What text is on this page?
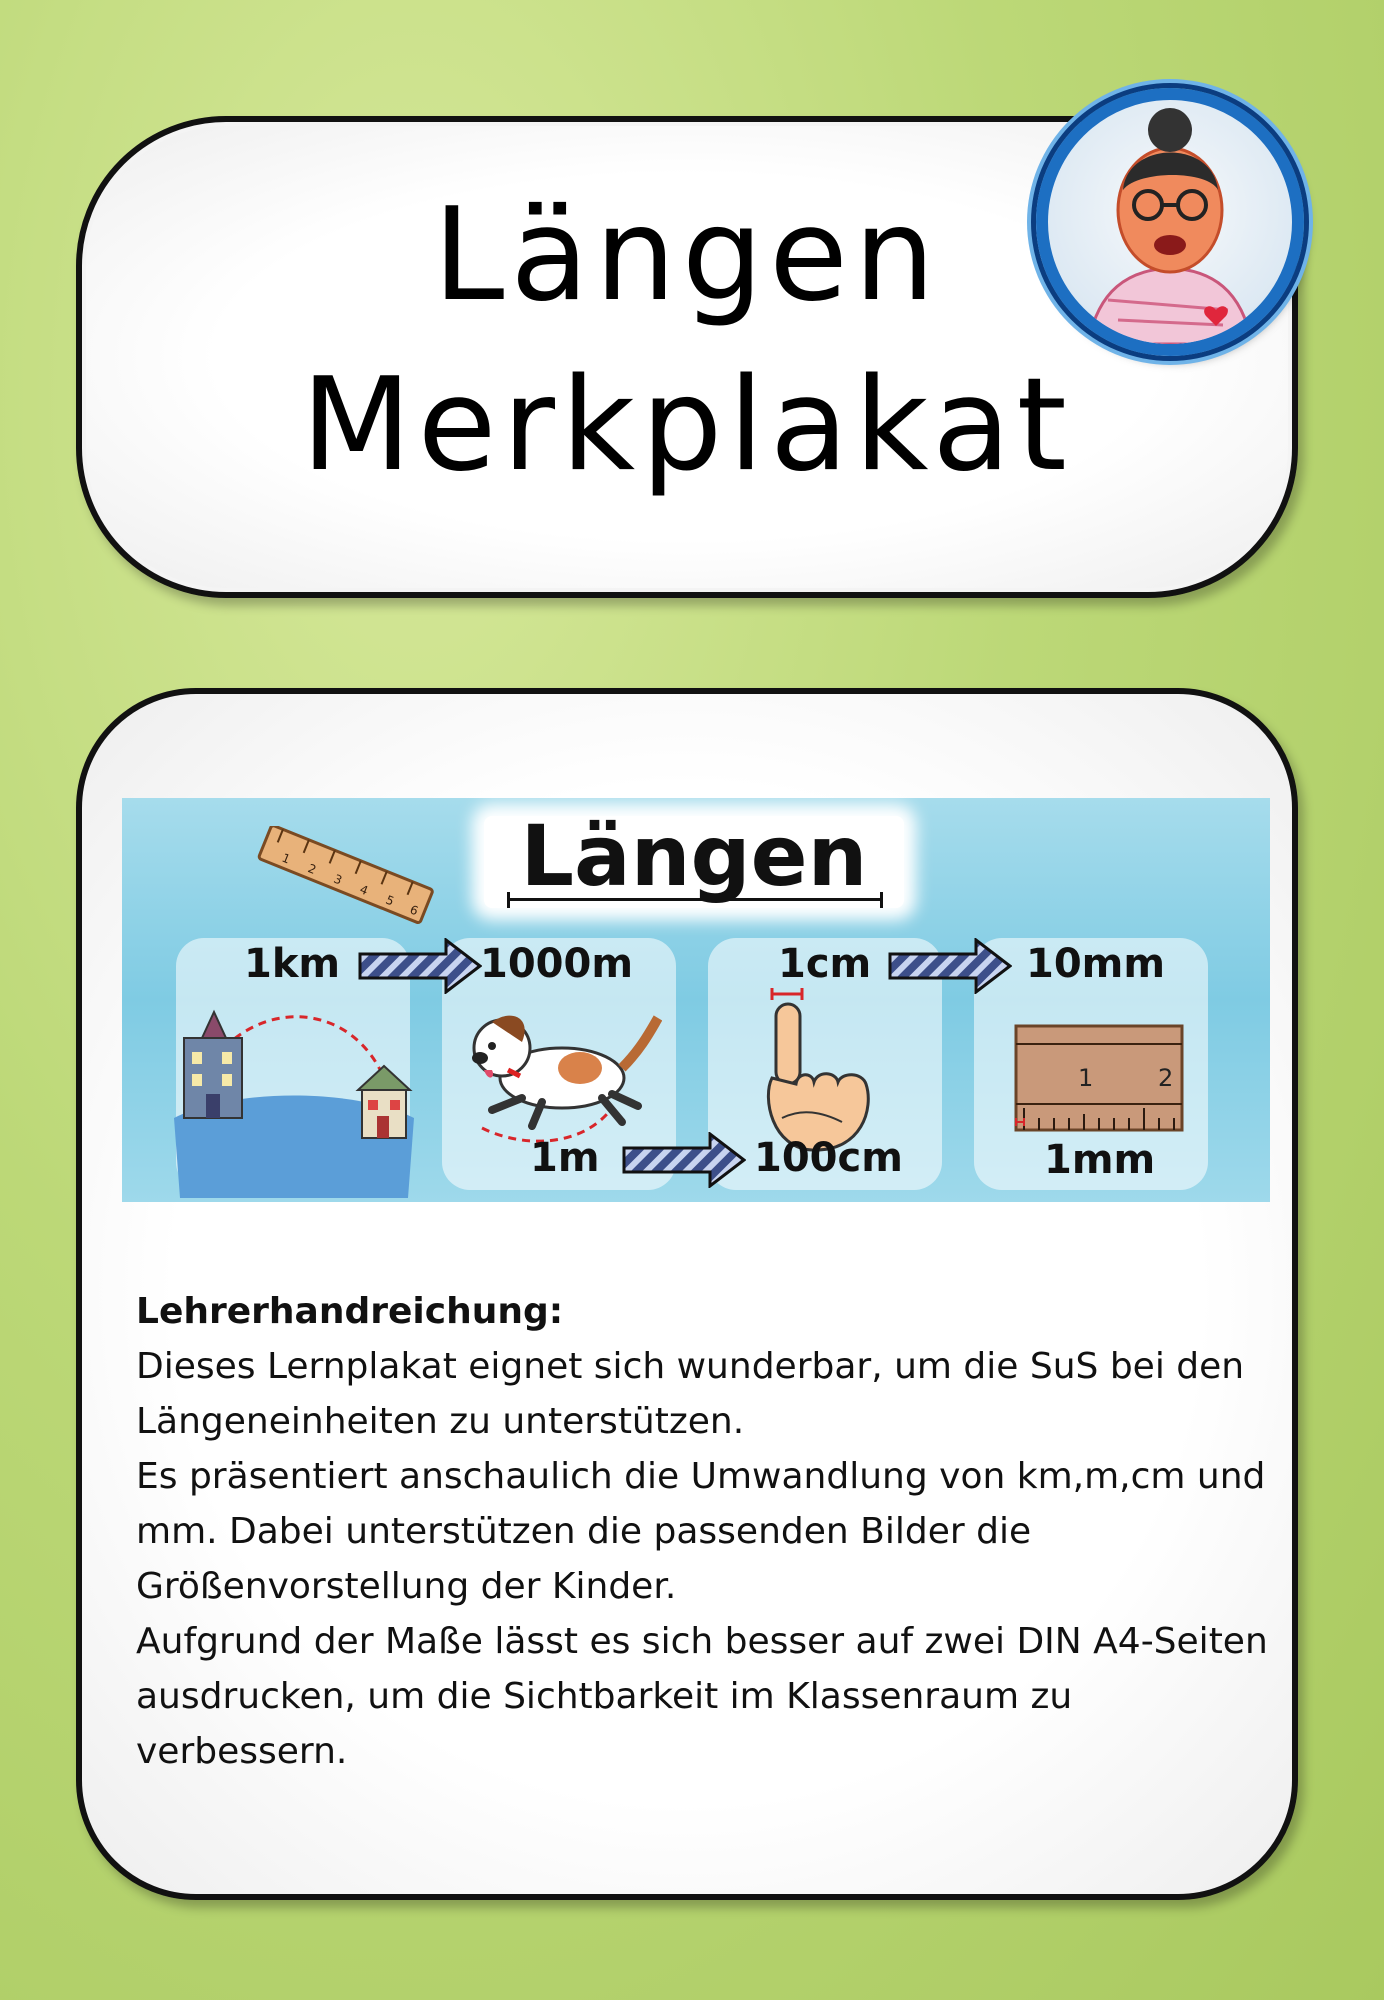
Längen
Merkplakat
1
2
3
4
5
6
Längen
1	2
1km	1000m	1cm	10mm
1m	100cm	1mm
Lehrerhandreichung:

Dieses Lernplakat eignet sich wunderbar, um die SuS bei den Längeneinheiten zu unterstützen.

Es präsentiert anschaulich die Umwandlung von km,m,cm und mm. Dabei unterstützen die passenden Bilder die Größenvorstellung der Kinder.

Aufgrund der Maße lässt es sich besser auf zwei DIN A4-Seiten ausdrucken, um die Sichtbarkeit im Klassenraum zu verbessern.
